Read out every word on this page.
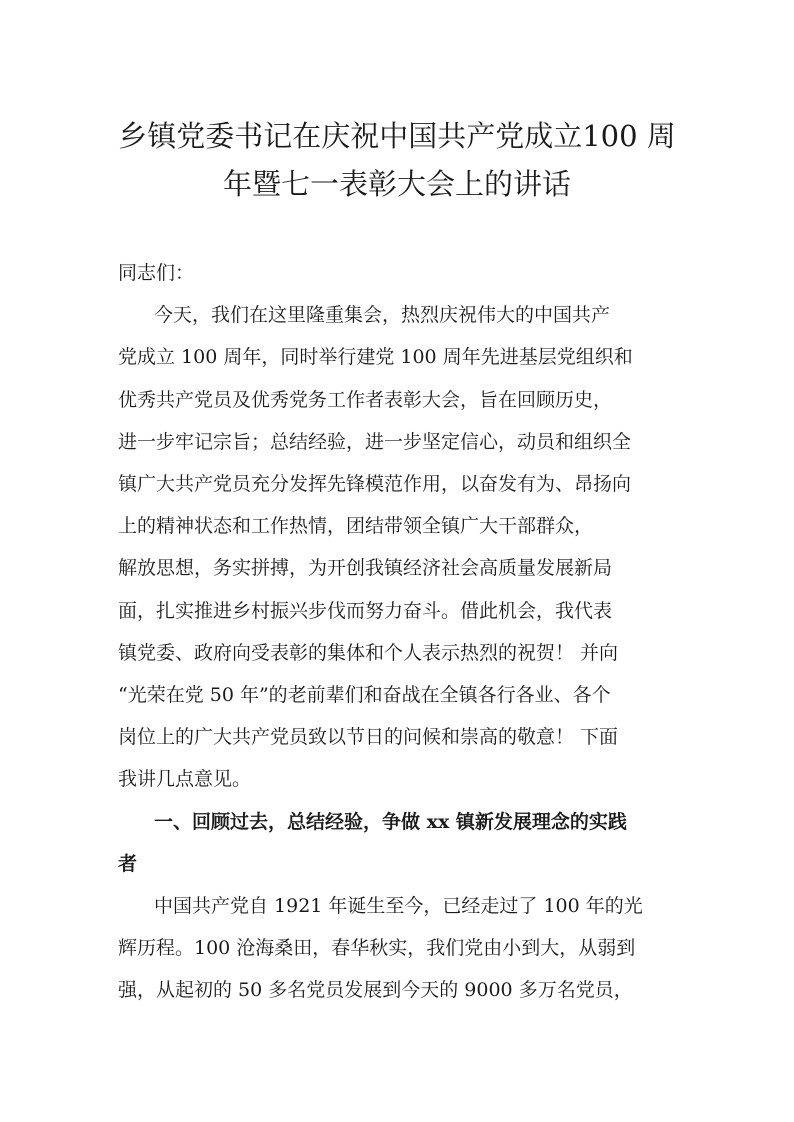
乡镇党委书记在庆祝中国共产党成立100 周
年暨七一表彰大会上的讲话
同志们：
今天，我们在这里隆重集会，热烈庆祝伟大的中国共产
党成立 100 周年，同时举行建党 100 周年先进基层党组织和
优秀共产党员及优秀党务工作者表彰大会，旨在回顾历史，
进一步牢记宗旨；总结经验，进一步坚定信心，动员和组织全
镇广大共产党员充分发挥先锋模范作用，以奋发有为、昂扬向
上的精神状态和工作热情，团结带领全镇广大干部群众，
解放思想，务实拼搏，为开创我镇经济社会高质量发展新局
面，扎实推进乡村振兴步伐而努力奋斗。借此机会，我代表
镇党委、政府向受表彰的集体和个人表示热烈的祝贺！ 并向
“光荣在党 50 年”的老前辈们和奋战在全镇各行各业、各个
岗位上的广大共产党员致以节日的问候和崇高的敬意！ 下面
我讲几点意见。
一、回顾过去，总结经验，争做 xx 镇新发展理念的实践
者
中国共产党自 1921 年诞生至今，已经走过了 100 年的光
辉历程。100 沧海桑田，春华秋实，我们党由小到大，从弱到
强，从起初的 50 多名党员发展到今天的 9000 多万名党员，
